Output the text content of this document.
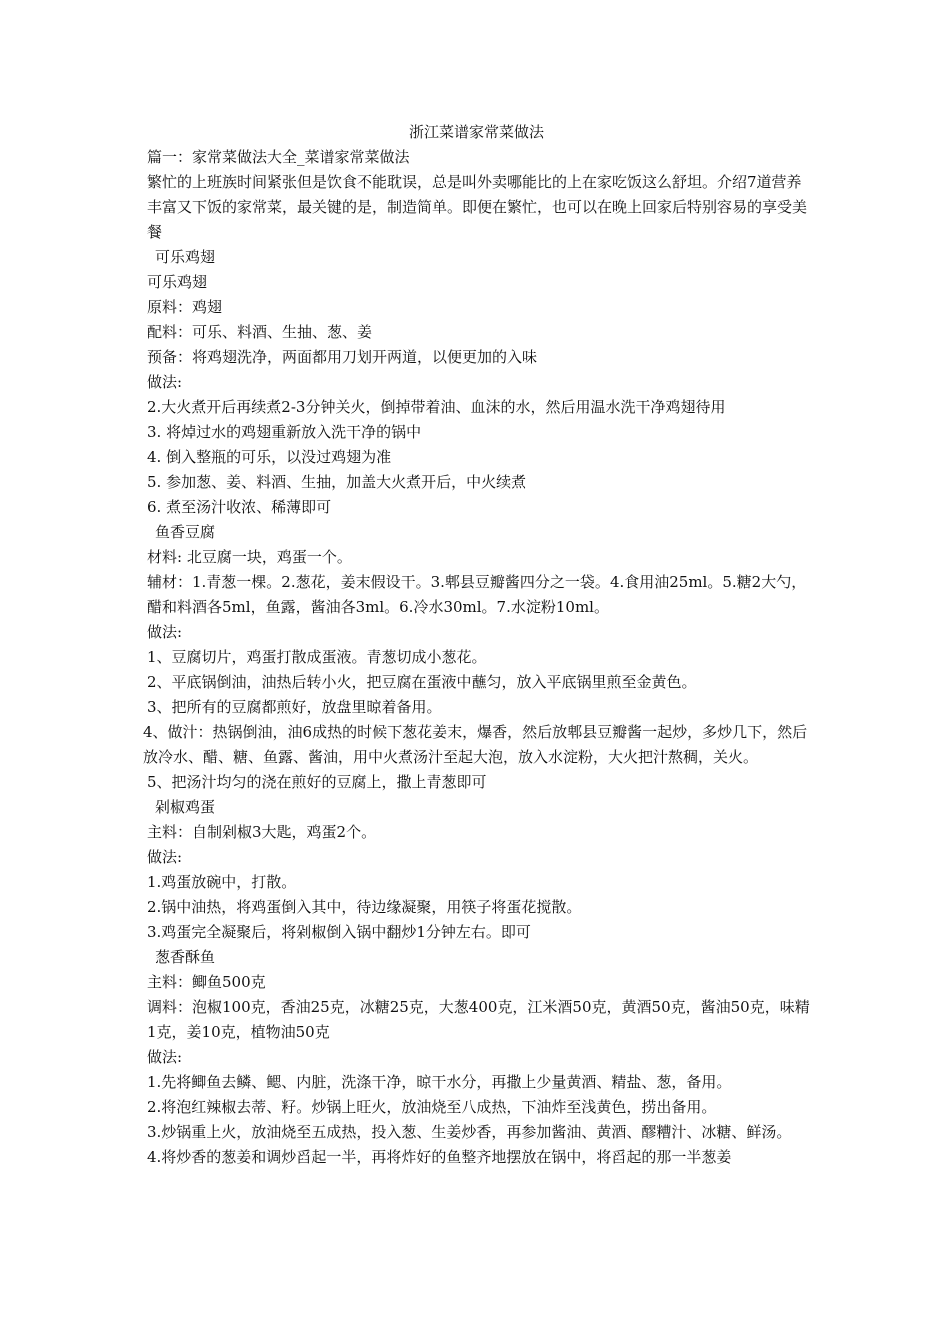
浙江菜谱家常菜做法

篇一：家常菜做法大全_菜谱家常菜做法

繁忙的上班族时间紧张但是饮食不能耽误，总是叫外卖哪能比的上在家吃饭这么舒坦。介绍7道营养丰富又下饭的家常菜，最关键的是，制造简单。即便在繁忙，也可以在晚上回家后特别容易的享受美餐

可乐鸡翅

可乐鸡翅

原料：鸡翅

配料：可乐、料酒、生抽、葱、姜

预备：将鸡翅洗净，两面都用刀划开两道，以便更加的入味

做法:

2.大火煮开后再续煮2-3分钟关火，倒掉带着油、血沫的水，然后用温水洗干净鸡翅待用

3. 将焯过水的鸡翅重新放入洗干净的锅中

4. 倒入整瓶的可乐，以没过鸡翅为准

5. 参加葱、姜、料酒、生抽，加盖大火煮开后，中火续煮

6. 煮至汤汁收浓、稀薄即可

鱼香豆腐

材料: 北豆腐一块，鸡蛋一个。

辅材：1.青葱一棵。2.葱花，姜末假设干。3.郫县豆瓣酱四分之一袋。4.食用油25ml。5.糖2大勺，醋和料酒各5ml，鱼露，酱油各3ml。6.冷水30ml。7.水淀粉10ml。

做法:

1、豆腐切片，鸡蛋打散成蛋液。青葱切成小葱花。

2、平底锅倒油，油热后转小火，把豆腐在蛋液中蘸匀，放入平底锅里煎至金黄色。

3、把所有的豆腐都煎好，放盘里晾着备用。

4、做汁：热锅倒油，油6成热的时候下葱花姜末，爆香，然后放郫县豆瓣酱一起炒，多炒几下，然后放冷水、醋、糖、鱼露、酱油，用中火煮汤汁至起大泡，放入水淀粉，大火把汁熬稠，关火。

5、把汤汁均匀的浇在煎好的豆腐上，撒上青葱即可

剁椒鸡蛋

主料：自制剁椒3大匙，鸡蛋2个。

做法:

1.鸡蛋放碗中，打散。

2.锅中油热，将鸡蛋倒入其中，待边缘凝聚，用筷子将蛋花搅散。

3.鸡蛋完全凝聚后，将剁椒倒入锅中翻炒1分钟左右。即可

葱香酥鱼

主料：鲫鱼500克

调料：泡椒100克，香油25克，冰糖25克，大葱400克，江米酒50克，黄酒50克，酱油50克，味精1克，姜10克，植物油50克

做法:

1.先将鲫鱼去鳞、鳃、内脏，洗涤干净，晾干水分，再撒上少量黄酒、精盐、葱，备用。

2.将泡红辣椒去蒂、籽。炒锅上旺火，放油烧至八成热，下油炸至浅黄色，捞出备用。

3.炒锅重上火，放油烧至五成热，投入葱、生姜炒香，再参加酱油、黄酒、醪糟汁、冰糖、鲜汤。

4.将炒香的葱姜和调炒舀起一半，再将炸好的鱼整齐地摆放在锅中，将舀起的那一半葱姜
